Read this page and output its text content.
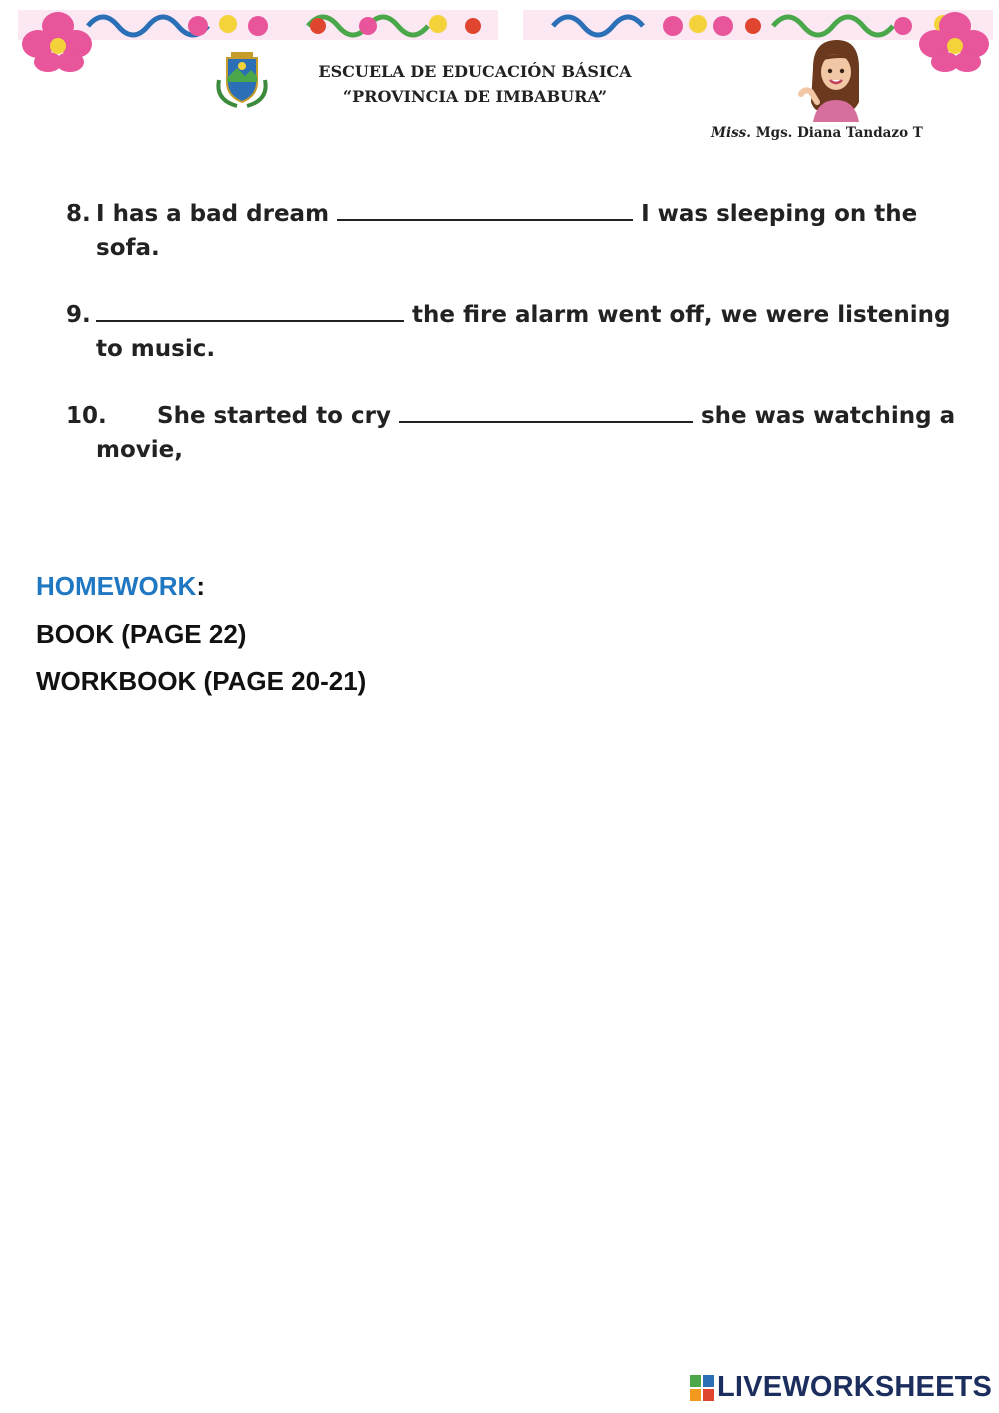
ESCUELA DE EDUCACIÓN BÁSICA
“PROVINCIA DE IMBABURA”
Miss. Mgs. Diana Tandazo T
8. I has a bad dream	I was sleeping on the
sofa.
9.	the fire alarm went off, we were listening
to music.
10. She started to cry	she was watching a
movie,
HOMEWORK:
BOOK (PAGE 22)
WORKBOOK (PAGE 20-21)
LIVEWORKSHEETS
